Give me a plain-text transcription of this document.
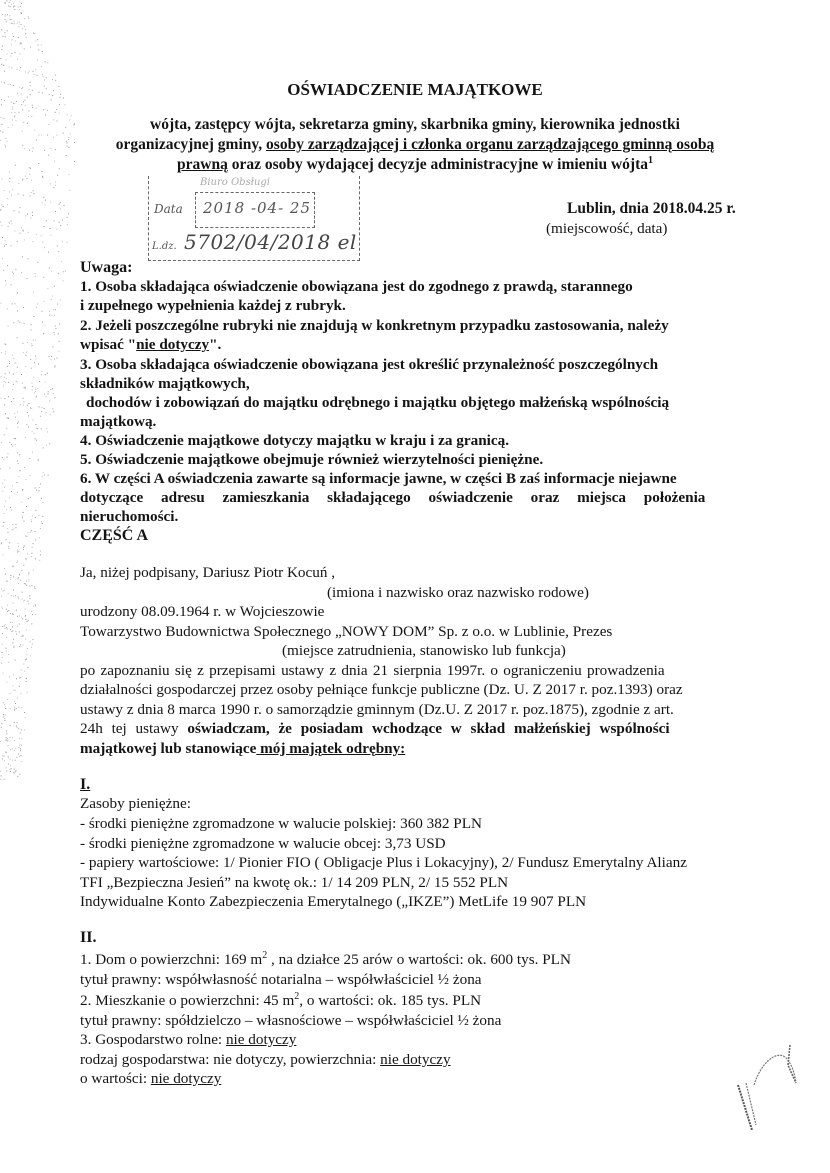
OŚWIADCZENIE MAJĄTKOWE
wójta, zastępcy wójta, sekretarza gminy, skarbnika gminy, kierownika jednostki
organizacyjnej gminy, osoby zarządzającej i członka organu zarządzającego gminną osobą
prawną oraz osoby wydającej decyzje administracyjne w imieniu wójta$^1$
Biuro Obsługi
Data 2018 -04- 25
L.dz. 5702/04/2018 el
Lublin, dnia 2018.04.25 r.
(miejscowość, data)
Uwaga:
1. Osoba składająca oświadczenie obowiązana jest do zgodnego z prawdą, starannego
i zupełnego wypełnienia każdej z rubryk.
2. Jeżeli poszczególne rubryki nie znajdują w konkretnym przypadku zastosowania, należy
wpisać "nie dotyczy".
3. Osoba składająca oświadczenie obowiązana jest określić przynależność poszczególnych
składników majątkowych,
dochodów i zobowiązań do majątku odrębnego i majątku objętego małżeńską wspólnością
majątkową.
4. Oświadczenie majątkowe dotyczy majątku w kraju i za granicą.
5. Oświadczenie majątkowe obejmuje również wierzytelności pieniężne.
6. W części A oświadczenia zawarte są informacje jawne, w części B zaś informacje niejawne
dotyczące adresu zamieszkania składającego oświadczenie oraz miejsca położenia
nieruchomości.
CZĘŚĆ A
Ja, niżej podpisany, Dariusz Piotr Kocuń ,
(imiona i nazwisko oraz nazwisko rodowe)
urodzony 08.09.1964 r. w Wojcieszowie
Towarzystwo Budownictwa Społecznego „NOWY DOM” Sp. z o.o. w Lublinie, Prezes
(miejsce zatrudnienia, stanowisko lub funkcja)
po zapoznaniu się z przepisami ustawy z dnia 21 sierpnia 1997r. o ograniczeniu prowadzenia
działalności gospodarczej przez osoby pełniące funkcje publiczne (Dz. U. Z 2017 r. poz.1393) oraz
ustawy z dnia 8 marca 1990 r. o samorządzie gminnym (Dz.U. Z 2017 r. poz.1875), zgodnie z art.
24h tej ustawy oświadczam, że posiadam wchodzące w skład małżeńskiej wspólności
majątkowej lub stanowiące mój majątek odrębny:
I.
Zasoby pieniężne:
- środki pieniężne zgromadzone w walucie polskiej: 360 382 PLN
- środki pieniężne zgromadzone w walucie obcej: 3,73 USD
- papiery wartościowe: 1/ Pionier FIO ( Obligacje Plus i Lokacyjny), 2/ Fundusz Emerytalny Alianz
TFI „Bezpieczna Jesień” na kwotę ok.: 1/ 14 209 PLN, 2/ 15 552 PLN
Indywidualne Konto Zabezpieczenia Emerytalnego („IKZE”) MetLife 19 907 PLN
II.
1. Dom o powierzchni: 169 $m^2$ , na działce 25 arów o wartości: ok. 600 tys. PLN
tytuł prawny: współwłasność notarialna – współwłaściciel ½ żona
2. Mieszkanie o powierzchni: 45 $m^2$, o wartości: ok. 185 tys. PLN
tytuł prawny: spółdzielczo – własnościowe – współwłaściciel ½ żona
3. Gospodarstwo rolne: nie dotyczy
rodzaj gospodarstwa: nie dotyczy, powierzchnia: nie dotyczy
o wartości: nie dotyczy
